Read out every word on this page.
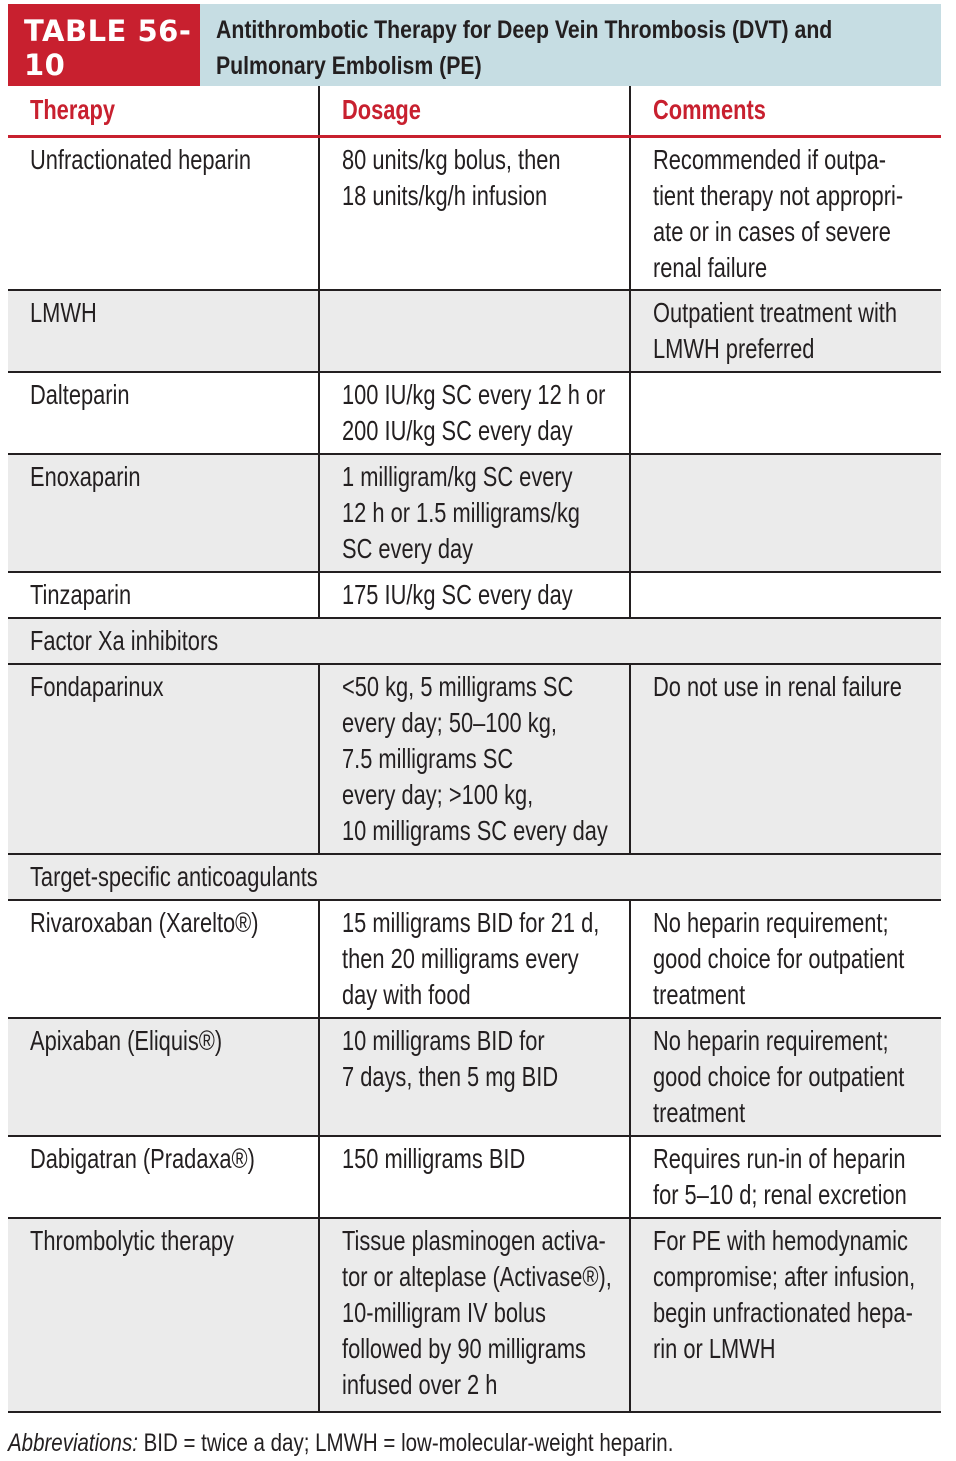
TABLE 56-10
Antithrombotic Therapy for Deep Vein Thrombosis (DVT) and
Pulmonary Embolism (PE)
Therapy	Dosage	Comments

Unfractionated heparin	80 units/kg bolus, then
18 units/kg/h infusion	Recommended if outpa-
tient therapy not appropri-
ate or in cases of severe
renal failure

LMWH		Outpatient treatment with
LMWH preferred

Dalteparin	100 IU/kg SC every 12 h or
200 IU/kg SC every day	

Enoxaparin	1 milligram/kg SC every
12 h or 1.5 milligrams/kg
SC every day	

Tinzaparin	175 IU/kg SC every day	

Factor Xa inhibitors		

Fondaparinux	<50 kg, 5 milligrams SC
every day; 50–100 kg,
7.5 milligrams SC
every day; >100 kg,
10 milligrams SC every day	Do not use in renal failure

Target-specific anticoagulants		

Rivaroxaban (Xarelto®)	15 milligrams BID for 21 d,
then 20 milligrams every
day with food	No heparin requirement;
good choice for outpatient
treatment

Apixaban (Eliquis®)	10 milligrams BID for
7 days, then 5 mg BID	No heparin requirement;
good choice for outpatient
treatment

Dabigatran (Pradaxa®)	150 milligrams BID	Requires run-in of heparin
for 5–10 d; renal excretion

Thrombolytic therapy	Tissue plasminogen activa-
tor or alteplase (Activase®),
10-milligram IV bolus
followed by 90 milligrams
infused over 2 h	For PE with hemodynamic
compromise; after infusion,
begin unfractionated hepa-
rin or LMWH
Abbreviations: BID = twice a day; LMWH = low-molecular-weight heparin.
